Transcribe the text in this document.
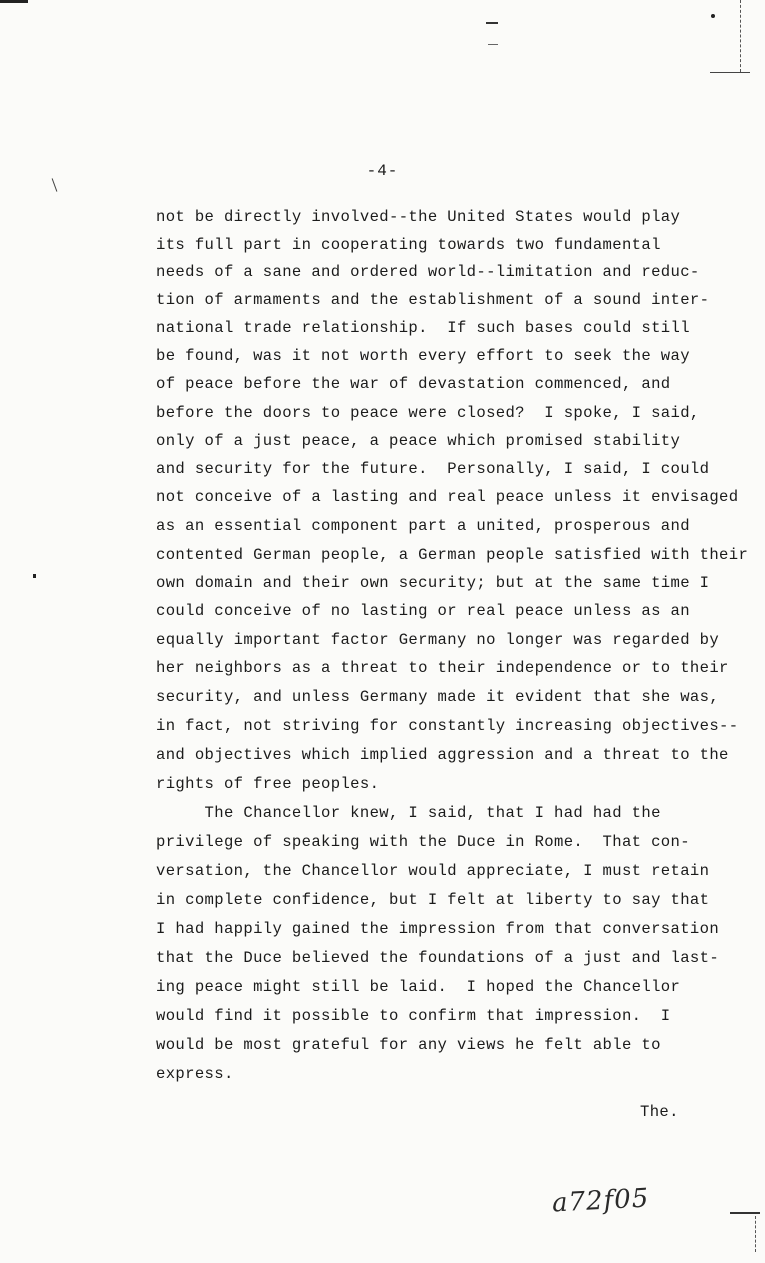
-4-
not be directly involved--the United States would play
its full part in cooperating towards two fundamental
needs of a sane and ordered world--limitation and reduc-
tion of armaments and the establishment of a sound inter-
national trade relationship.  If such bases could still
be found, was it not worth every effort to seek the way
of peace before the war of devastation commenced, and
before the doors to peace were closed?  I spoke, I said,
only of a just peace, a peace which promised stability
and security for the future.  Personally, I said, I could
not conceive of a lasting and real peace unless it envisaged
as an essential component part a united, prosperous and
contented German people, a German people satisfied with their
own domain and their own security; but at the same time I
could conceive of no lasting or real peace unless as an
equally important factor Germany no longer was regarded by
her neighbors as a threat to their independence or to their
security, and unless Germany made it evident that she was,
in fact, not striving for constantly increasing objectives--
and objectives which implied aggression and a threat to the
rights of free peoples.
The Chancellor knew, I said, that I had had the
privilege of speaking with the Duce in Rome.  That con-
versation, the Chancellor would appreciate, I must retain
in complete confidence, but I felt at liberty to say that
I had happily gained the impression from that conversation
that the Duce believed the foundations of a just and last-
ing peace might still be laid.  I hoped the Chancellor
would find it possible to confirm that impression.  I
would be most grateful for any views he felt able to
express.
The.
a72f05
